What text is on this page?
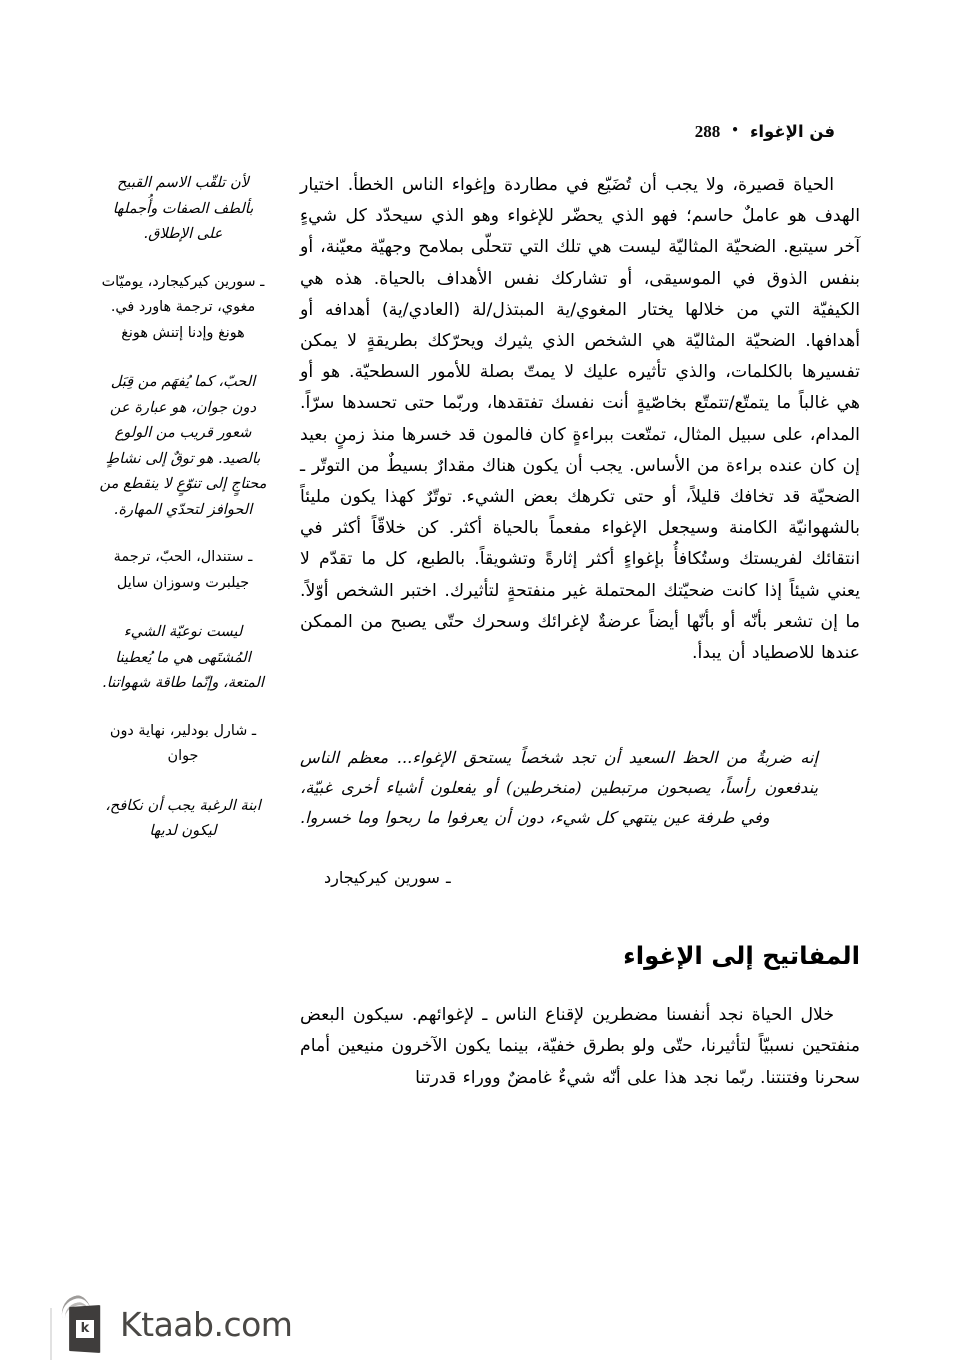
فن الإغواء
•
288

الحياة قصيرة، ولا يجب أن تُضَيّع في مطاردة وإغواء الناس الخطأ. اختيار الهدف هو عاملٌ حاسم؛ فهو الذي يحضّر للإغواء وهو الذي سيحدّد كل شيءٍ آخر سيتبع. الضحيّة المثاليّة ليست هي تلك التي تتحلّى بملامح وجهيّة معيّنة، أو بنفس الذوق في الموسيقى، أو تشاركك نفس الأهداف بالحياة. هذه هي الكيفيّة التي من خلالها يختار المغوي/ية المبتذل/لة (العادي/ية) أهدافه أو أهدافها. الضحيّة المثاليّة هي الشخص الذي يثيرك ويحرّكك بطريقةٍ لا يمكن تفسيرها بالكلمات، والذي تأثيره عليك لا يمتّ بصلة للأمور السطحيّة. هو أو هي غالباً ما يتمتّع/تتمتّع بخاصّيةٍ أنت نفسك تفتقدها، وربّما حتى تحسدها سرّاً. المدام، على سبيل المثال، تمتّعت ببراءةٍ كان فالمون قد خسرها منذ زمنٍ بعيد إن كان عنده براءة من الأساس. يجب أن يكون هناك مقدارٌ بسيطٌ من التوتّر ـ الضحيّة قد تخافك قليلاً، أو حتى تكرهك بعض الشيء. توتّرٌ كهذا يكون مليئاً بالشهوانيّة الكامنة وسيجعل الإغواء مفعماً بالحياة أكثر. كن خلاقّاً أكثر في انتقائك لفريستك وستُكافأُ بإغواءٍ أكثر إثارةً وتشويقاً. بالطبع، كل ما تقدّم لا يعني شيئاً إذا كانت ضحيّتك المحتملة غير منفتحةٍ لتأثيرك. اختبر الشخص أوّلاً. ما إن تشعر بأنّه أو بأنّها أيضاً عرضةٌ لإغرائك وسحرك حتّى يصبح من الممكن عندها للاصطياد أن يبدأ.

إنه ضربةٌ من الحظ السعيد أن تجد شخصاً يستحق الإغواء... معظم الناس يندفعون رأساً، يصبحون مرتبطين (منخرطين) أو يفعلون أشياء أخرى غبيّة، وفي طرفة عين ينتهي كل شيء، دون أن يعرفوا ما ربحوا وما خسروا.

ـ سورين كيركيجارد

المفاتيح إلى الإغواء

خلال الحياة نجد أنفسنا مضطرين لإقناع الناس ـ لإغوائهم. سيكون البعض منفتحين نسبيّاً لتأثيرنا، حتّى ولو بطرق خفيّة، بينما يكون الآخرون منيعين أمام سحرنا وفتنتنا. ربّما نجد هذا على أنّه شيءٌ غامضٌ ووراء قدرتنا

لأن تلقّب الاسم القبيح بألطف الصفات وأُجملها على الإطلاق.
ـ سورين كيركيجارد، يوميّات مغوي، ترجمة هاورد في. هونغ وإدنا إتنش هونغ
الحبّ، كما يُفهَم من قِبَل دون جوان، هو عبارة عن شعور قريب من الولوع بالصيد. هو توقٌ إلى نشاطٍ محتاجٍ إلى تنوّعٍ لا ينقطع من الحوافز لتحدّي المهارة.
ـ ستندال، الحبّ، ترجمة جيلبرت وسوزان سايل
ليست نوعيّة الشيء المُشتَهى هي ما يُعطينا المتعة، وإنّما طاقة شهواتنا.
ـ شارل بودلير، نهاية دون جوان
ابنة الرغبة يجب أن نكافح، ليكون لديها
k Ktaab.com
